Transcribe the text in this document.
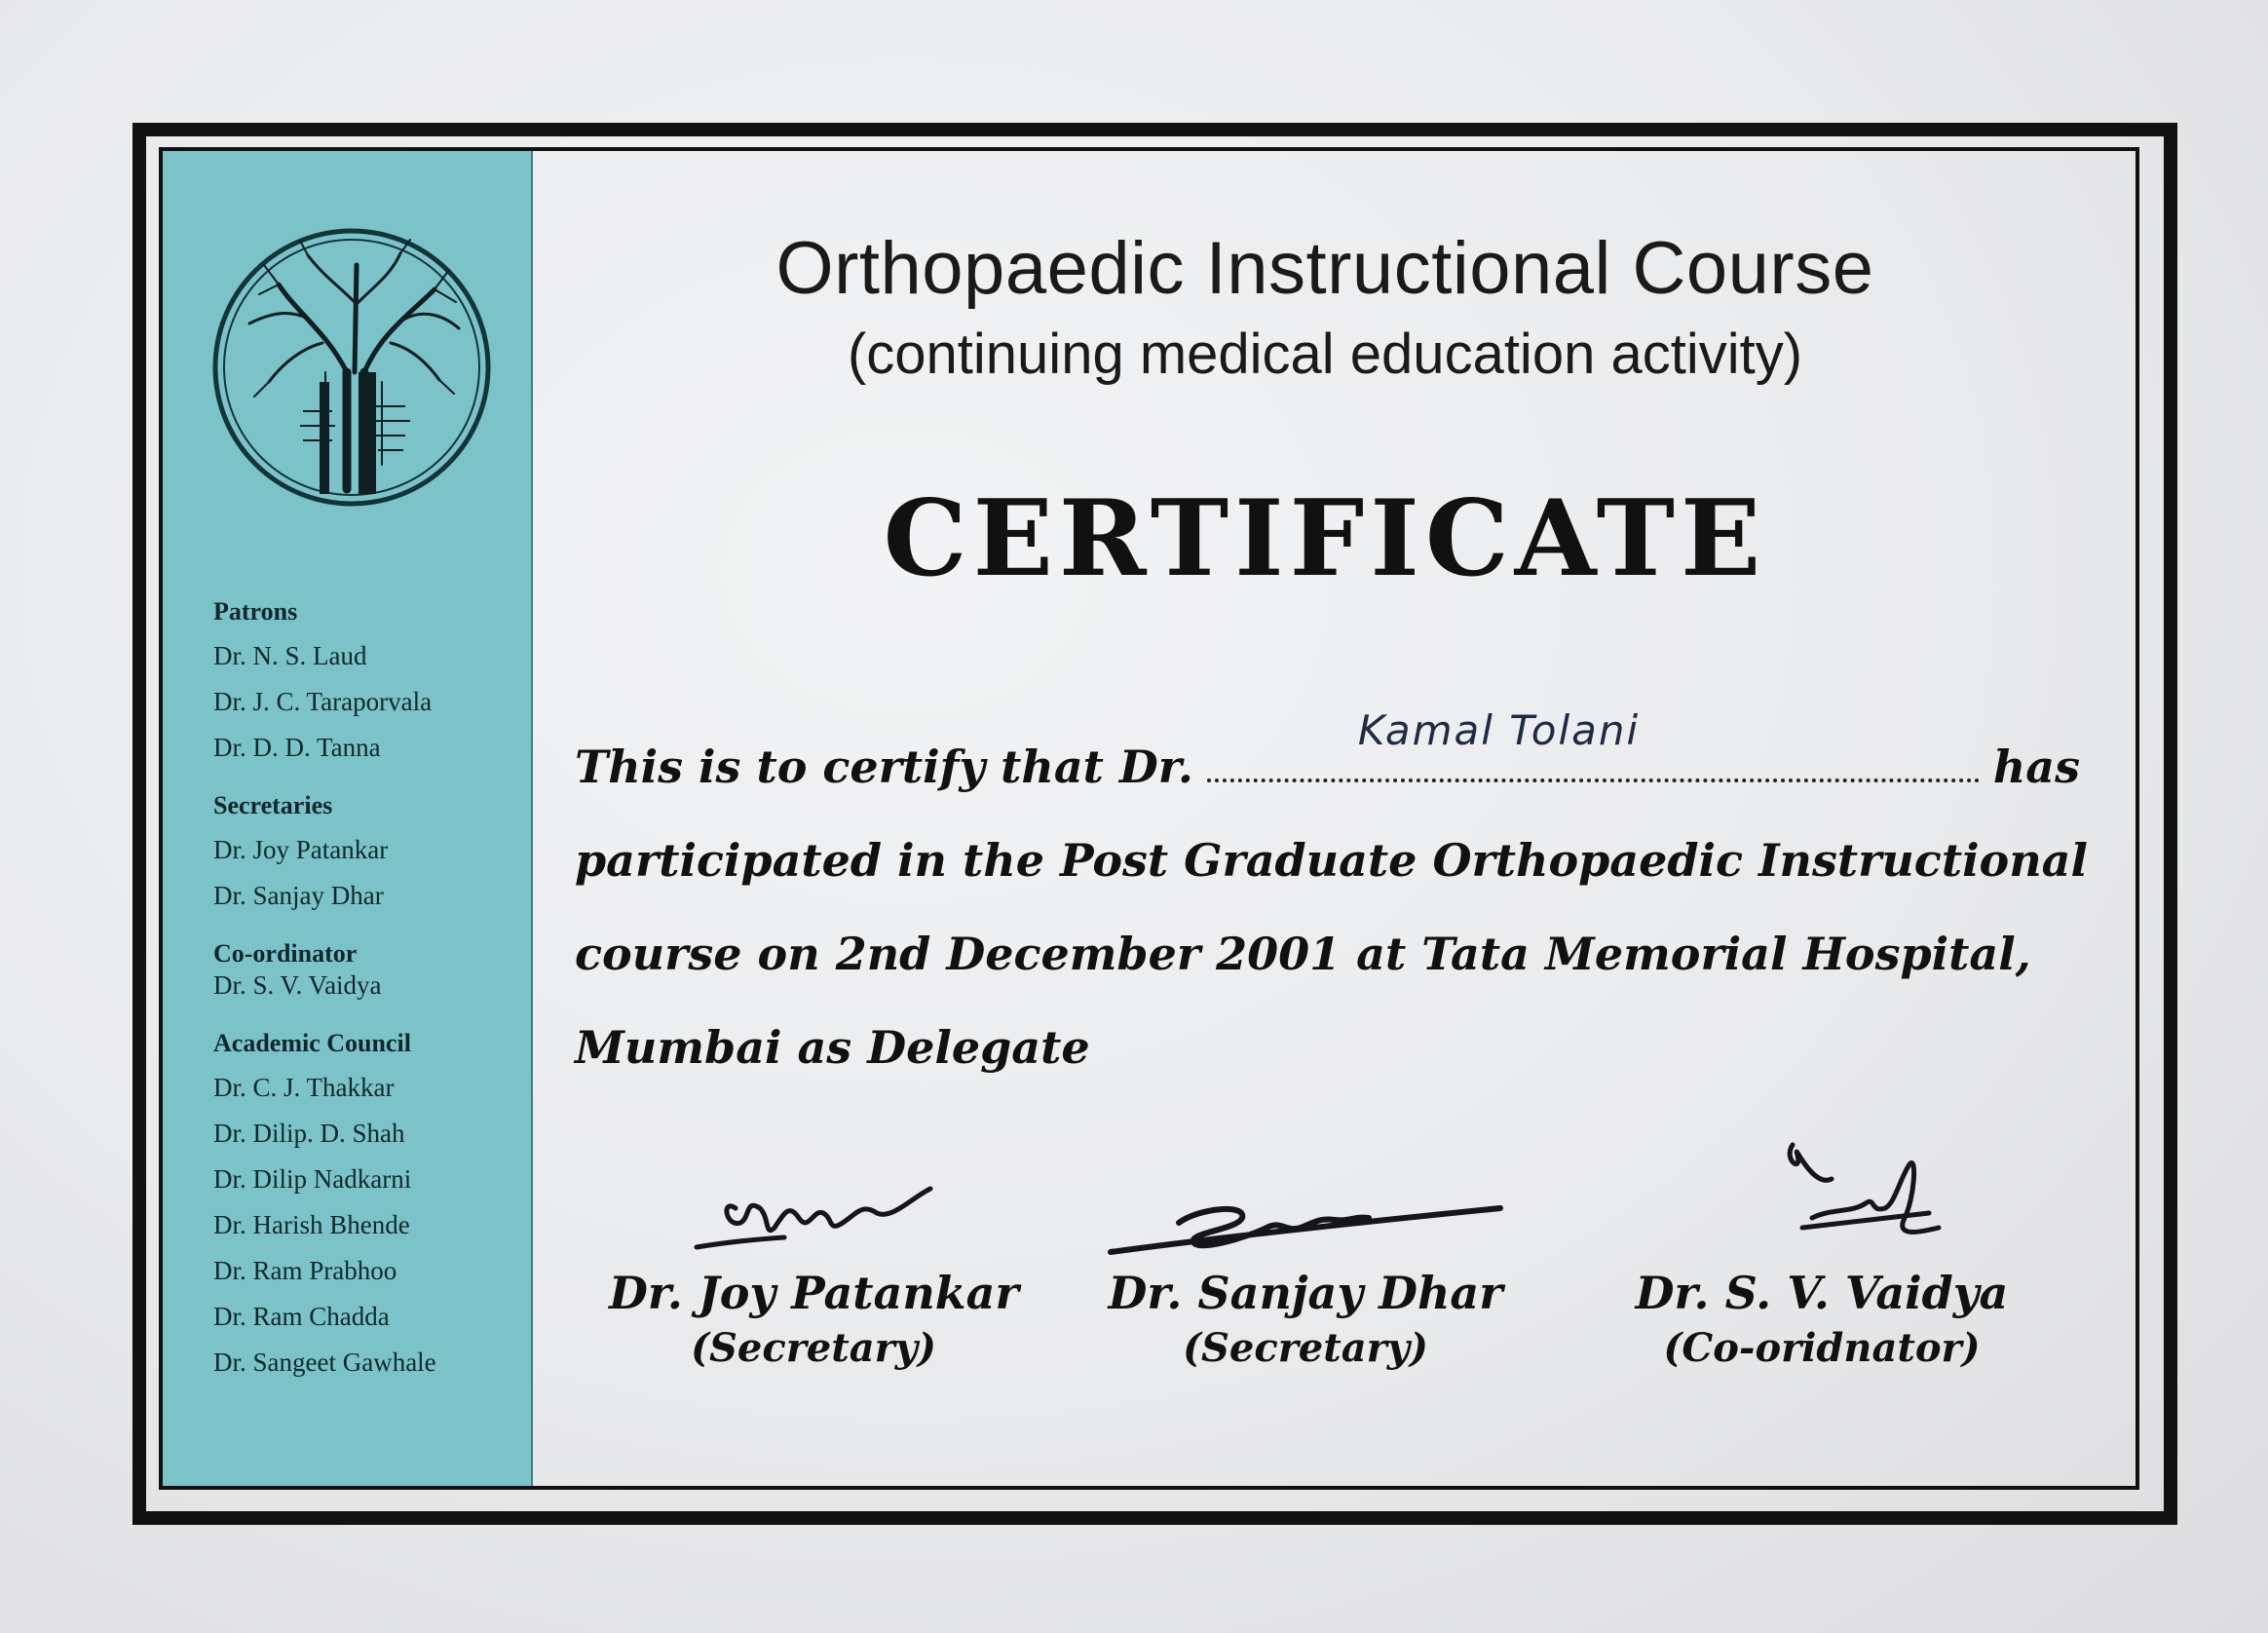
Patrons

Dr. N. S. Laud

Dr. J. C. Taraporvala

Dr. D. D. Tanna

Secretaries

Dr. Joy Patankar

Dr. Sanjay Dhar

Co-ordinator

Dr. S. V. Vaidya

Academic Council

Dr. C. J. Thakkar

Dr. Dilip. D. Shah

Dr. Dilip Nadkarni

Dr. Harish Bhende

Dr. Ram Prabhoo

Dr. Ram Chadda

Dr. Sangeet Gawhale

Orthopaedic Instructional Course

(continuing medical education activity)

CERTIFICATE

This is to certify that Dr.
Kamal Tolani
has
participated in the Post Graduate Orthopaedic Instructional
course on 2nd December 2001 at Tata Memorial Hospital,
Mumbai as Delegate

Dr. Joy Patankar

(Secretary)

Dr. Sanjay Dhar

(Secretary)

Dr. S. V. Vaidya

(Co-oridnator)
